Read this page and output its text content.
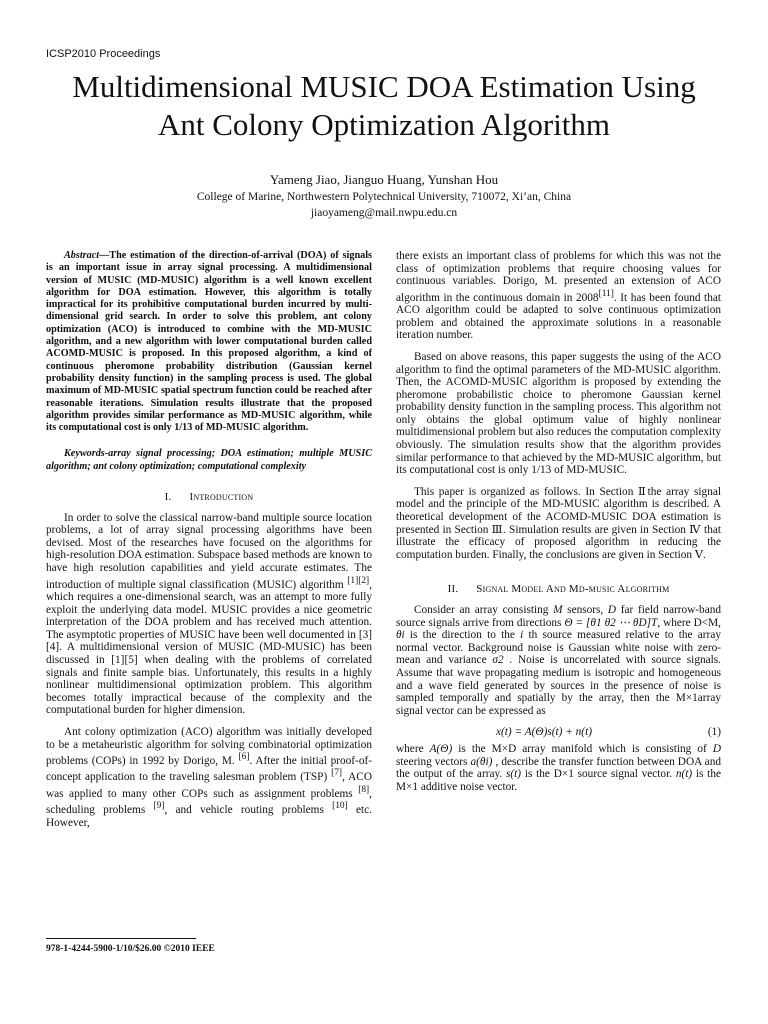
ICSP2010 Proceedings
Multidimensional MUSIC DOA Estimation Using
Ant Colony Optimization Algorithm
Yameng Jiao, Jianguo Huang, Yunshan Hou
College of Marine, Northwestern Polytechnical University, 710072, Xi’an, China
jiaoyameng@mail.nwpu.edu.cn

Abstract—The estimation of the direction-of-arrival (DOA) of signals is an important issue in array signal processing. A multidimensional version of MUSIC (MD-MUSIC) algorithm is a well known excellent algorithm for DOA estimation. However, this algorithm is totally impractical for its prohibitive computational burden incurred by multi-dimensional grid search. In order to solve this problem, ant colony optimization (ACO) is introduced to combine with the MD-MUSIC algorithm, and a new algorithm with lower computational burden called ACOMD-MUSIC is proposed. In this proposed algorithm, a kind of continuous pheromone probability distribution (Gaussian kernel probability density function) in the sampling process is used. The global maximum of MD-MUSIC spatial spectrum function could be reached after reasonable iterations. Simulation results illustrate that the proposed algorithm provides similar performance as MD-MUSIC algorithm, while its computational cost is only 1/13 of MD-MUSIC algorithm.

Keywords-array signal processing; DOA estimation; multiple MUSIC algorithm; ant colony optimization; computational complexity

I. Introduction

In order to solve the classical narrow-band multiple source location problems, a lot of array signal processing algorithms have been devised. Most of the researches have focused on the algorithms for high-resolution DOA estimation. Subspace based methods are known to have high resolution capabilities and yield accurate estimates. The introduction of multiple signal classification (MUSIC) algorithm [1][2], which requires a one-dimensional search, was an attempt to more fully exploit the underlying data model. MUSIC provides a nice geometric interpretation of the DOA problem and has received much attention. The asymptotic properties of MUSIC have been well documented in [3][4]. A multidimensional version of MUSIC (MD-MUSIC) has been discussed in [1][5] when dealing with the problems of correlated signals and finite sample bias. Unfortunately, this results in a highly nonlinear multidimensional optimization problem. This algorithm becomes totally impractical because of the complexity and the computational burden for higher dimension.

Ant colony optimization (ACO) algorithm was initially developed to be a metaheuristic algorithm for solving combinatorial optimization problems (COPs) in 1992 by Dorigo, M. [6]. After the initial proof-of-concept application to the traveling salesman problem (TSP) [7], ACO was applied to many other COPs such as assignment problems [8], scheduling problems [9], and vehicle routing problems [10] etc. However,

there exists an important class of problems for which this was not the class of optimization problems that require choosing values for continuous variables. Dorigo, M. presented an extension of ACO algorithm in the continuous domain in 2008[11]. It has been found that ACO algorithm could be adapted to solve continuous optimization problem and obtained the approximate solutions in a reasonable iteration number.

Based on above reasons, this paper suggests the using of the ACO algorithm to find the optimal parameters of the MD-MUSIC algorithm. Then, the ACOMD-MUSIC algorithm is proposed by extending the pheromone probabilistic choice to pheromone Gaussian kernel probability density function in the sampling process. This algorithm not only obtains the global optimum value of highly nonlinear multidimensional problem but also reduces the computation complexity obviously. The simulation results show that the algorithm provides similar performance to that achieved by the MD-MUSIC algorithm, but its computational cost is only 1/13 of MD-MUSIC.

This paper is organized as follows. In Section Ⅱthe array signal model and the principle of the MD-MUSIC algorithm is described. A theoretical development of the ACOMD-MUSIC DOA estimation is presented in Section Ⅲ. Simulation results are given in Section Ⅳ that illustrate the efficacy of proposed algorithm in reducing the computation burden. Finally, the conclusions are given in Section Ⅴ.

II. Signal Model And Md-music Algorithm

Consider an array consisting M sensors, D far field narrow-band source signals arrive from directions Θ = [θ1 θ2 ⋯ θD]T, where D<M, θi is the direction to the i th source measured relative to the array normal vector. Background noise is Gaussian white noise with zero-mean and variance σ2 . Noise is uncorrelated with source signals. Assume that wave propagating medium is isotropic and homogeneous and a wave field generated by sources in the presence of noise is sampled temporally and spatially by the array, then the M×1array signal vector can be expressed as

x(t) = A(Θ)s(t) + n(t)	(1)

where A(Θ) is the M×D array manifold which is consisting of D steering vectors a(θi) , describe the transfer function between DOA and the output of the array. s(t) is the D×1 source signal vector. n(t) is the M×1 additive noise vector.

978-1-4244-5900-1/10/$26.00 ©2010 IEEE
